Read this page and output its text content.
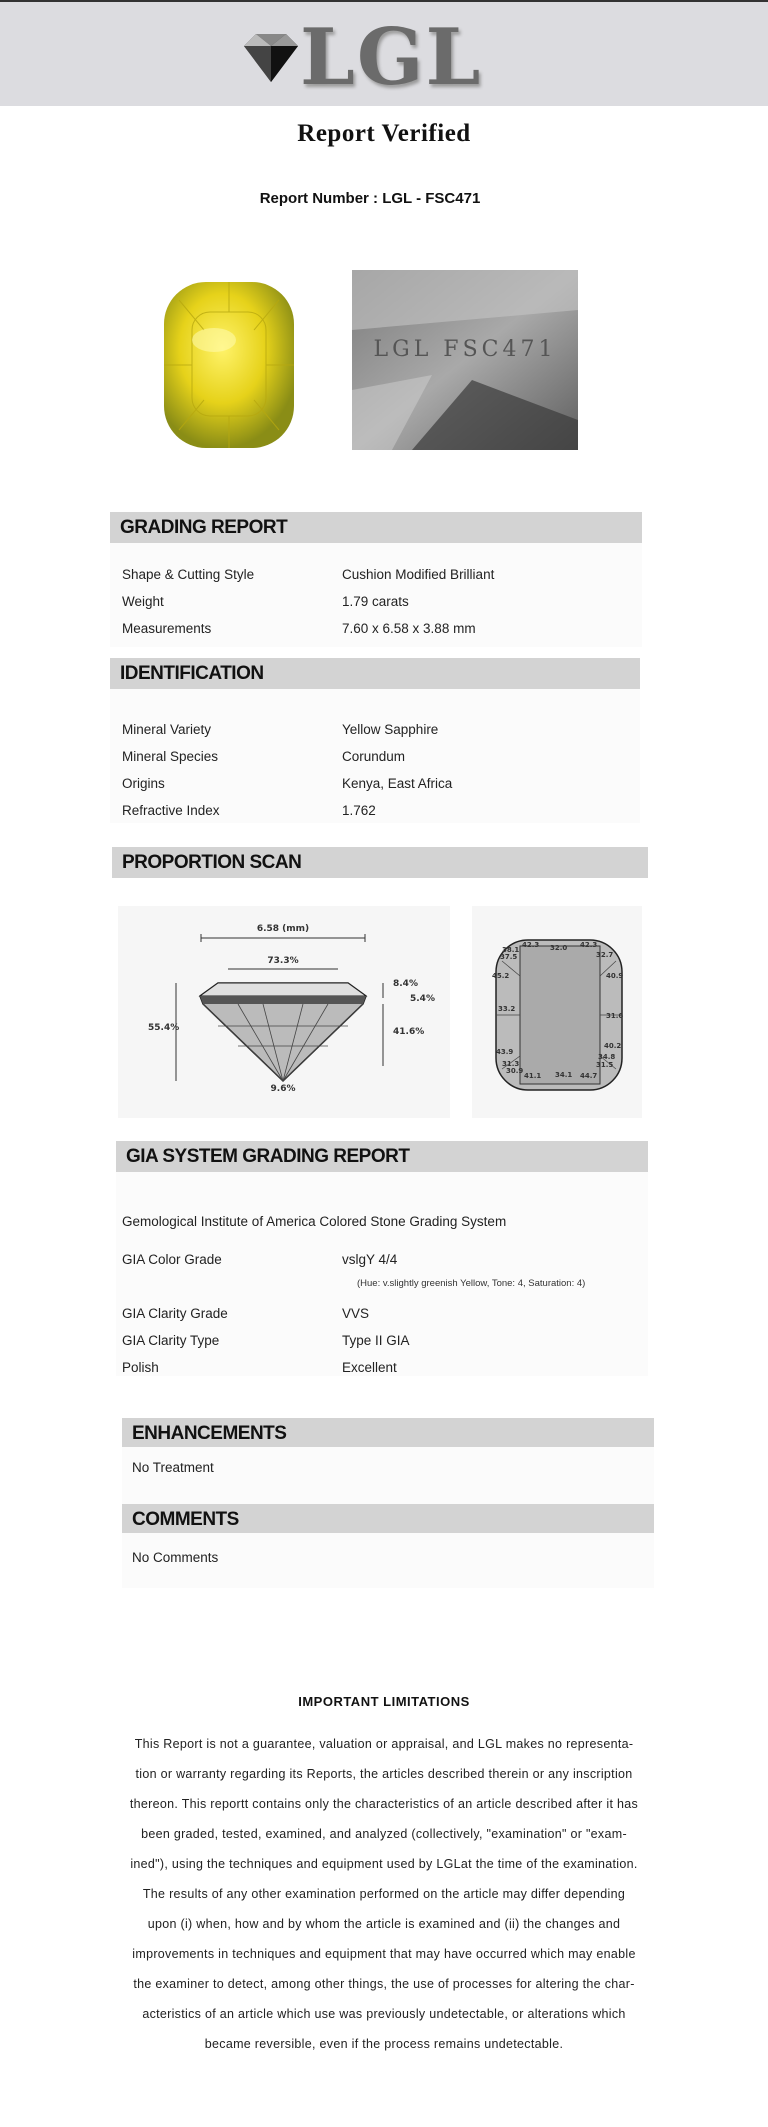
LGL
Report Verified
Report Number : LGL - FSC471
LGL FSC471
GRADING REPORT
Shape & Cutting Style	Cushion Modified Brilliant
Weight	1.79 carats
Measurements	7.60 x 6.58 x 3.88 mm
IDENTIFICATION
Mineral Variety	Yellow Sapphire
Mineral Species	Corundum
Origins	Kenya, East Africa
Refractive Index	1.762
PROPORTION SCAN
6.58 (mm)
73.3%
55.4%
8.4%
5.4%
41.6%
9.6%
42.3 32.0 42.3
38.1
37.5	32.7
45.2	40.9
33.2
31.6
43.9
40.2
31.3
34.8
30.9
31.5
41.1 34.1 44.7
GIA SYSTEM GRADING REPORT
Gemological Institute of America Colored Stone Grading System
GIA Color Grade	vslgY 4/4
(Hue: v.slightly greenish Yellow, Tone: 4, Saturation: 4)
GIA Clarity Grade	VVS
GIA Clarity Type	Type II GIA
Polish	Excellent
ENHANCEMENTS
No Treatment
COMMENTS
No Comments
IMPORTANT LIMITATIONS
This Report is not a guarantee, valuation or appraisal, and LGL makes no representa-
tion or warranty regarding its Reports, the articles described therein or any inscription
thereon. This reportt contains only the characteristics of an article described after it has
been graded, tested, examined, and analyzed (collectively, "examination" or "exam-
ined"), using the techniques and equipment used by LGLat the time of the examination.
The results of any other examination performed on the article may differ depending
upon (i) when, how and by whom the article is examined and (ii) the changes and
improvements in techniques and equipment that may have occurred which may enable
the examiner to detect, among other things, the use of processes for altering the char-
acteristics of an article which use was previously undetectable, or alterations which
became reversible, even if the process remains undetectable.
